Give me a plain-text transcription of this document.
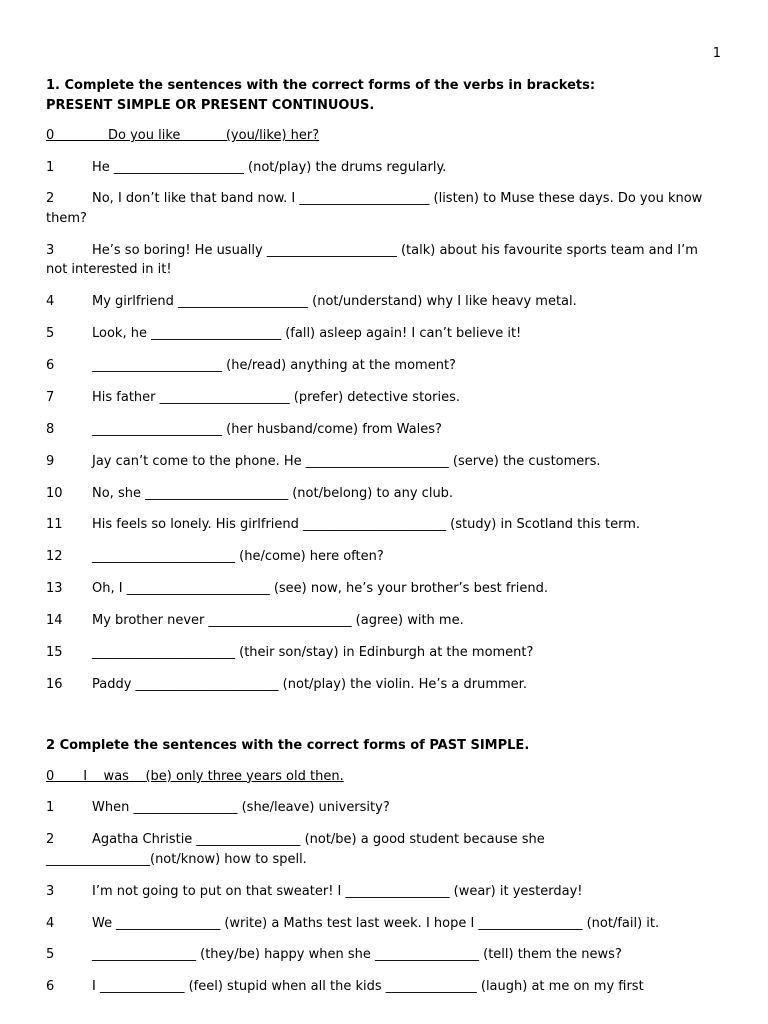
1
1. Complete the sentences with the correct forms of the verbs in brackets:
PRESENT SIMPLE OR PRESENT CONTINUOUS.
0             Do you like           (you/like) her?
1	He ____________________ (not/play) the drums regularly.
2	No, I don’t like that band now. I ____________________ (listen) to Muse these days. Do you know them?
3	He’s so boring! He usually ____________________ (talk) about his favourite sports team and I’m not interested in it!
4	My girlfriend ____________________ (not/understand) why I like heavy metal.
5	Look, he ____________________ (fall) asleep again! I can’t believe it!
6	____________________ (he/read) anything at the moment?
7	His father ____________________ (prefer) detective stories.
8	____________________ (her husband/come) from Wales?
9	Jay can’t come to the phone. He ______________________ (serve) the customers.
10 No, she ______________________ (not/belong) to any club.
11 His feels so lonely. His girlfriend ______________________ (study) in Scotland this term.
12 ______________________ (he/come) here often?
13 Oh, I ______________________ (see) now, he’s your brother’s best friend.
14 My brother never ______________________ (agree) with me.
15 ______________________ (their son/stay) in Edinburgh at the moment?
16 Paddy ______________________ (not/play) the violin. He’s a drummer.
2 Complete the sentences with the correct forms of PAST SIMPLE.
0       I    was    (be) only three years old then.
1	When ________________ (she/leave) university?
2	Agatha Christie ________________ (not/be) a good student because she ________________(not/know) how to spell.
3	I’m not going to put on that sweater! I ________________ (wear) it yesterday!
4	We ________________ (write) a Maths test last week. I hope I ________________ (not/fail) it.
5	________________ (they/be) happy when she ________________ (tell) them the news?
6	I _____________ (feel) stupid when all the kids ______________ (laugh) at me on my first
